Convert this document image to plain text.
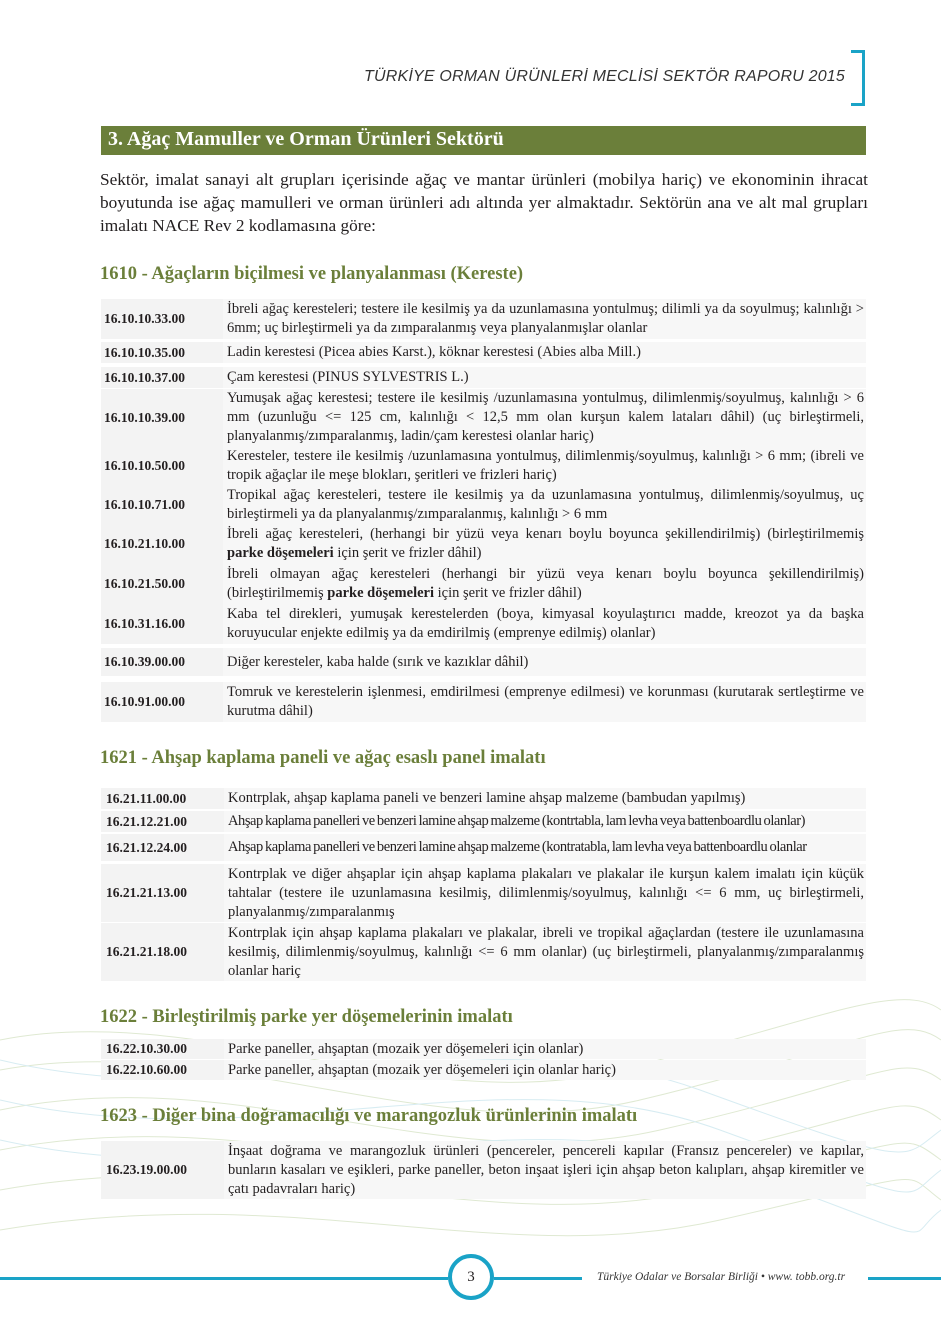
TÜRKİYE ORMAN ÜRÜNLERİ MECLİSİ SEKTÖR RAPORU 2015
3. Ağaç Mamuller ve Orman Ürünleri Sektörü

Sektör, imalat sanayi alt grupları içerisinde ağaç ve mantar ürünleri (mobilya hariç) ve ekonominin ihracat boyutunda ise ağaç mamulleri ve orman ürünleri adı altında yer almaktadır. Sektörün ana ve alt mal grupları imalatı NACE Rev 2 kodlamasına göre:

1610 - Ağaçların biçilmesi ve planyalanması (Kereste)
16.10.10.33.00
İbreli ağaç keresteleri; testere ile kesilmiş ya da uzunlamasına yontulmuş; dilimli ya da soyulmuş; kalınlığı > 6mm; uç birleştirmeli ya da zımparalanmış veya planyalanmışlar olanlar
16.10.10.35.00	Ladin kerestesi (Picea abies Karst.), köknar kerestesi (Abies alba Mill.)
16.10.10.37.00	Çam kerestesi (PINUS SYLVESTRIS L.)
16.10.10.39.00
Yumuşak ağaç kerestesi; testere ile kesilmiş /uzunlamasına yontulmuş, dilimlenmiş/soyulmuş, kalınlığı > 6 mm (uzunluğu <= 125 cm, kalınlığı < 12,5 mm olan kurşun kalem lataları dâhil) (uç birleştirmeli, planyalanmış/zımparalanmış, ladin/çam kerestesi olanlar hariç)
16.10.10.50.00
Keresteler, testere ile kesilmiş /uzunlamasına yontulmuş, dilimlenmiş/soyulmuş, kalınlığı > 6 mm; (ibreli ve tropik ağaçlar ile meşe blokları, şeritleri ve frizleri hariç)
16.10.10.71.00
Tropikal ağaç keresteleri, testere ile kesilmiş ya da uzunlamasına yontulmuş, dilimlenmiş/soyulmuş, uç birleştirmeli ya da planyalanmış/zımparalanmış, kalınlığı > 6 mm
16.10.21.10.00
İbreli ağaç keresteleri, (herhangi bir yüzü veya kenarı boylu boyunca şekillendirilmiş) (birleştirilmemiş parke döşemeleri için şerit ve frizler dâhil)
16.10.21.50.00
İbreli olmayan ağaç keresteleri (herhangi bir yüzü veya kenarı boylu boyunca şekillendirilmiş) (birleştirilmemiş parke döşemeleri için şerit ve frizler dâhil)
16.10.31.16.00
Kaba tel direkleri, yumuşak kerestelerden (boya, kimyasal koyulaştırıcı madde, kreozot ya da başka koruyucular enjekte edilmiş ya da emdirilmiş (emprenye edilmiş) olanlar)
16.10.39.00.00	Diğer keresteler, kaba halde (sırık ve kazıklar dâhil)
16.10.91.00.00
Tomruk ve kerestelerin işlenmesi, emdirilmesi (emprenye edilmesi) ve korunması (kurutarak sertleştirme ve kurutma dâhil)
1621 - Ahşap kaplama paneli ve ağaç esaslı panel imalatı
16.21.11.00.00	Kontrplak, ahşap kaplama paneli ve benzeri lamine ahşap malzeme (bambudan yapılmış)
16.21.12.21.00	Ahşap kaplama panelleri ve benzeri lamine ahşap malzeme (kontrtabla, lam levha veya battenboardlu olanlar)
16.21.12.24.00	Ahşap kaplama panelleri ve benzeri lamine ahşap malzeme (kontratabla, lam levha veya battenboardlu olanlar
16.21.21.13.00
Kontrplak ve diğer ahşaplar için ahşap kaplama plakaları ve plakalar ile kurşun kalem imalatı için küçük tahtalar (testere ile uzunlamasına kesilmiş, dilimlenmiş/soyulmuş, kalınlığı <= 6 mm, uç birleştirmeli, planyalanmış/zımparalanmış
16.21.21.18.00
Kontrplak için ahşap kaplama plakaları ve plakalar, ibreli ve tropikal ağaçlardan (testere ile uzunlamasına kesilmiş, dilimlenmiş/soyulmuş, kalınlığı <= 6 mm olanlar) (uç birleştirmeli, planyalanmış/zımparalanmış olanlar hariç
1622 - Birleştirilmiş parke yer döşemelerinin imalatı
16.22.10.30.00	Parke paneller, ahşaptan (mozaik yer döşemeleri için olanlar)
16.22.10.60.00	Parke paneller, ahşaptan (mozaik yer döşemeleri için olanlar hariç)
1623 - Diğer bina doğramacılığı ve marangozluk ürünlerinin imalatı
16.23.19.00.00
İnşaat doğrama ve marangozluk ürünleri (pencereler, pencereli kapılar (Fransız pencereler) ve kapılar, bunların kasaları ve eşikleri, parke paneller, beton inşaat işleri için ahşap beton kalıpları, ahşap kiremitler ve çatı padavraları hariç)
3	Türkiye Odalar ve Borsalar Birliği • www. tobb.org.tr
